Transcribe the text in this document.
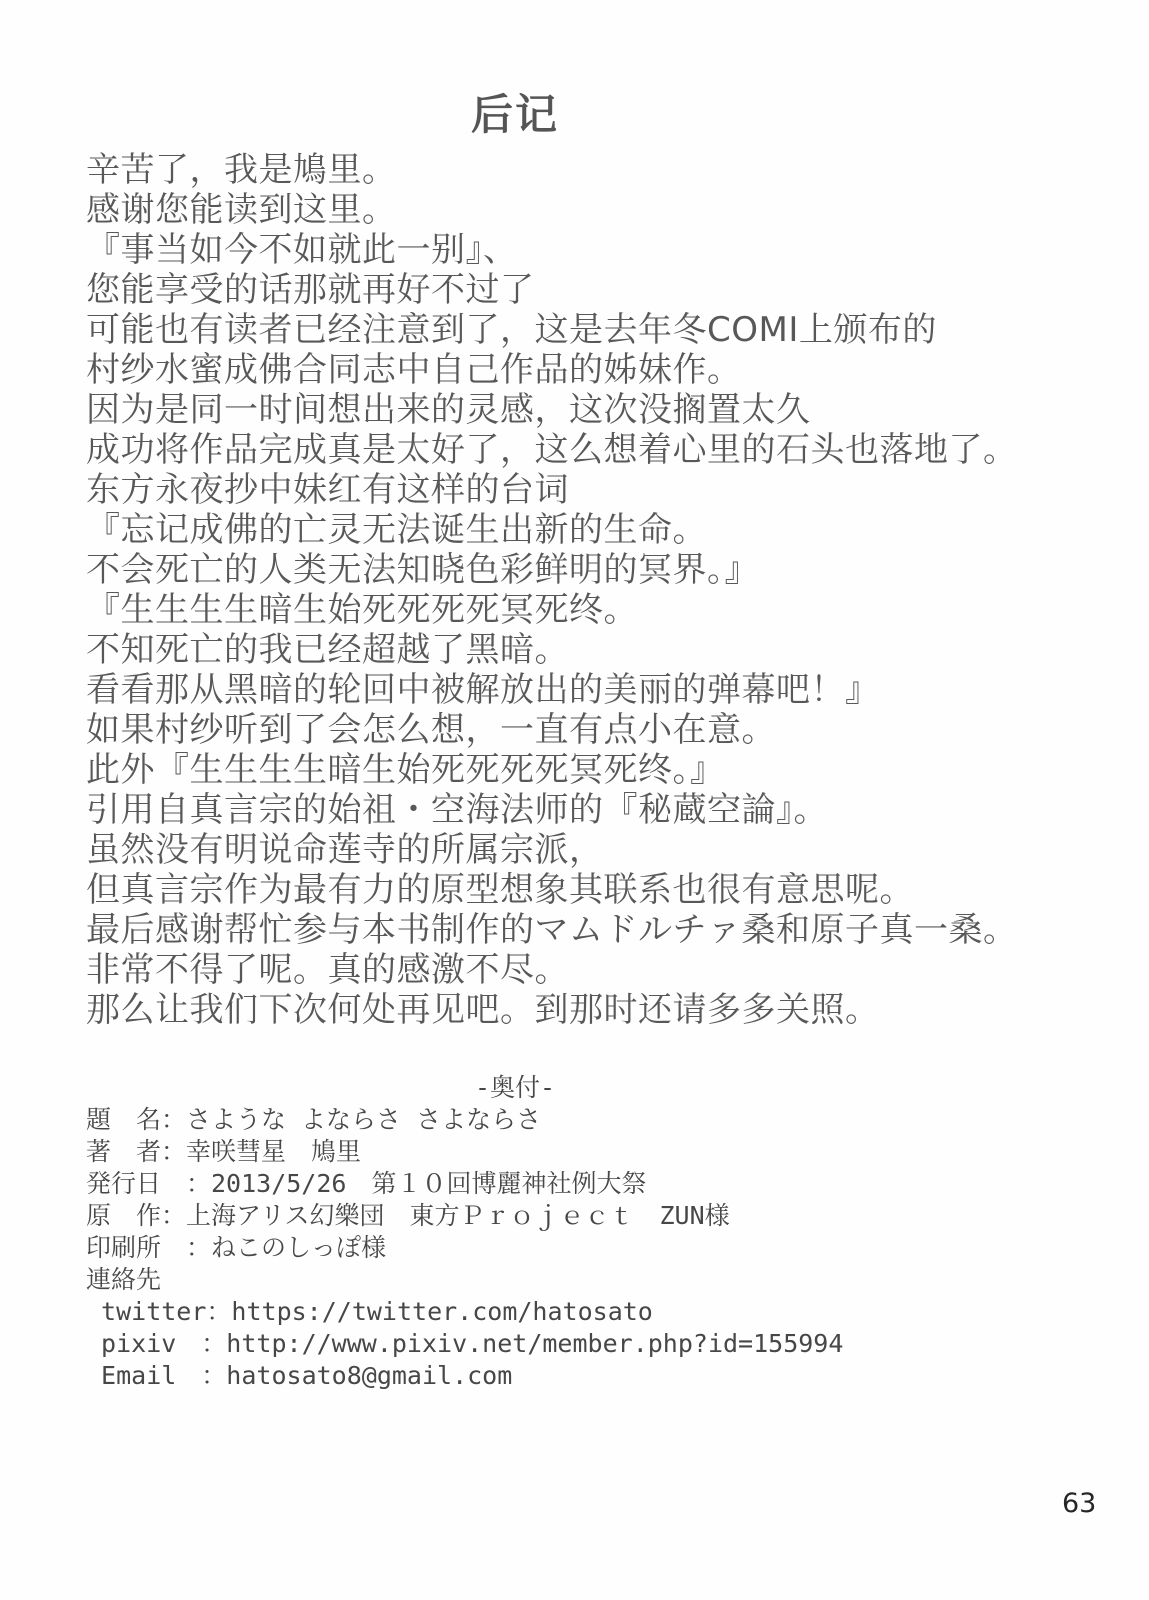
后记
辛苦了，我是鳩里。
感谢您能读到这里。
『事当如今不如就此一别』、
您能享受的话那就再好不过了
可能也有读者已经注意到了，这是去年冬COMI上颁布的
村纱水蜜成佛合同志中自己作品的姊妹作。
因为是同一时间想出来的灵感，这次没搁置太久
成功将作品完成真是太好了，这么想着心里的石头也落地了。
东方永夜抄中妹红有这样的台词
『忘记成佛的亡灵无法诞生出新的生命。
不会死亡的人类无法知晓色彩鲜明的冥界。』
『生生生生暗生始死死死死冥死终。
不知死亡的我已经超越了黑暗。
看看那从黑暗的轮回中被解放出的美丽的弹幕吧！』
如果村纱听到了会怎么想，一直有点小在意。
此外『生生生生暗生始死死死死冥死终。』
引用自真言宗的始祖・空海法师的『秘蔵空論』。
虽然没有明说命莲寺的所属宗派，
但真言宗作为最有力的原型想象其联系也很有意思呢。
最后感谢帮忙参与本书制作的マムドルチァ桑和原子真一桑。
非常不得了呢。真的感激不尽。
那么让我们下次何处再见吧。到那时还请多多关照。
-奥付-
題　名：さような よならさ さよならさ
著　者：幸咲彗星　鳩里
発行日　：2013/5/26　第１０回博麗神社例大祭
原　作：上海アリス幻樂団　東方Ｐｒｏｊｅｃｔ　ZUN様
印刷所　：ねこのしっぽ様
連絡先
twitter：https://twitter.com/hatosato
pixiv　：http://www.pixiv.net/member.php?id=155994
Email　：hatosato8@gmail.com
63
